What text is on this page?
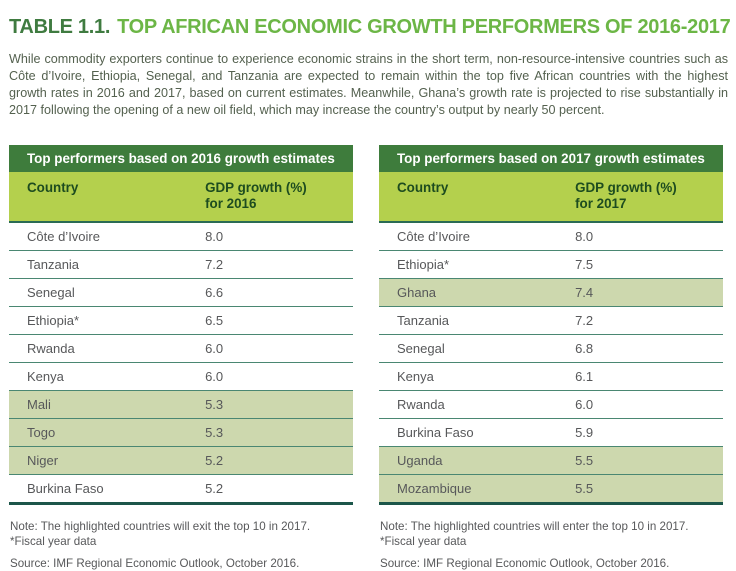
TABLE 1.1. TOP AFRICAN ECONOMIC GROWTH PERFORMERS OF 2016-2017

While commodity exporters continue to experience economic strains in the short term, non-resource-intensive countries such as Côte d’Ivoire, Ethiopia, Senegal, and Tanzania are expected to remain within the top five African countries with the highest growth rates in 2016 and 2017, based on current estimates. Meanwhile, Ghana’s growth rate is projected to rise substantially in 2017 following the opening of a new oil field, which may increase the country’s output by nearly 50 percent.

Top performers based on 2016 growth estimates
Country	GDP growth (%)
for 2016
Côte d’Ivoire	8.0
Tanzania	7.2
Senegal	6.6
Ethiopia*	6.5
Rwanda	6.0
Kenya	6.0
Mali	5.3
Togo	5.3
Niger	5.2
Burkina Faso	5.2
Note: The highlighted countries will exit the top 10 in 2017.
*Fiscal year data
Source: IMF Regional Economic Outlook, October 2016.
Top performers based on 2017 growth estimates
Country	GDP growth (%)
for 2017
Côte d’Ivoire	8.0
Ethiopia*	7.5
Ghana	7.4
Tanzania	7.2
Senegal	6.8
Kenya	6.1
Rwanda	6.0
Burkina Faso	5.9
Uganda	5.5
Mozambique	5.5
Note: The highlighted countries will enter the top 10 in 2017.
*Fiscal year data
Source: IMF Regional Economic Outlook, October 2016.
